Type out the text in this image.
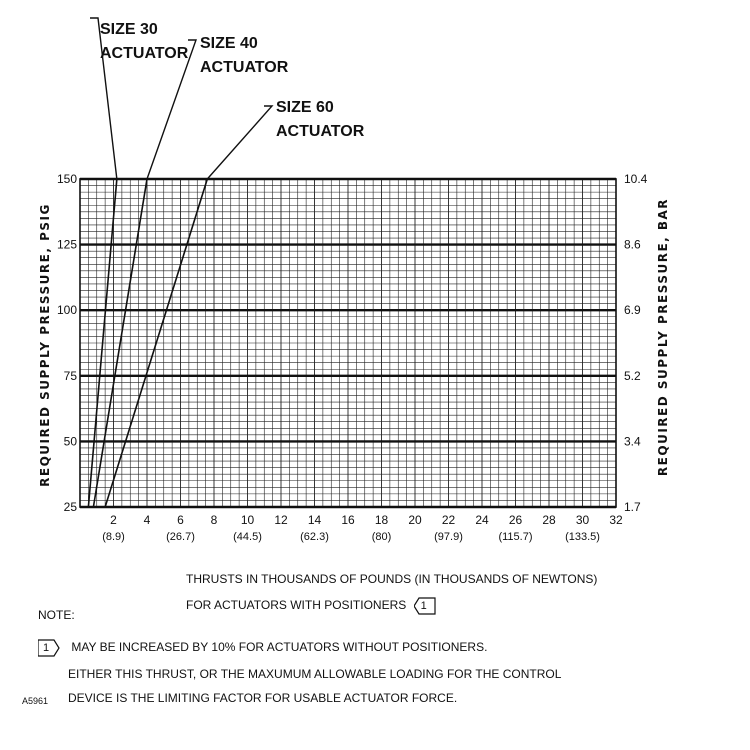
2
(8.9)
4 6
(26.7)
8 10
(44.5)
12 14
(62.3)
16 18
(80)
20 22
(97.9)
24 26
(115.7)
28 30
(133.5)
32
25
50
75
100
125
150
1.7
3.4
5.2
6.9
8.6
10.4
SIZE 30
ACTUATOR
SIZE 40
ACTUATOR
SIZE 60
ACTUATOR
REQUIRED SUPPLY PRESSURE, PSIG	REQUIRED SUPPLY PRESSURE, BAR
THRUSTS IN THOUSANDS OF POUNDS (IN THOUSANDS OF NEWTONS)
FOR ACTUATORS WITH POSITIONERS 1
NOTE:
1 MAY BE INCREASED BY 10% FOR ACTUATORS WITHOUT POSITIONERS.
EITHER THIS THRUST, OR THE MAXUMUM ALLOWABLE LOADING FOR THE CONTROL
DEVICE IS THE LIMITING FACTOR FOR USABLE ACTUATOR FORCE.
A5961
